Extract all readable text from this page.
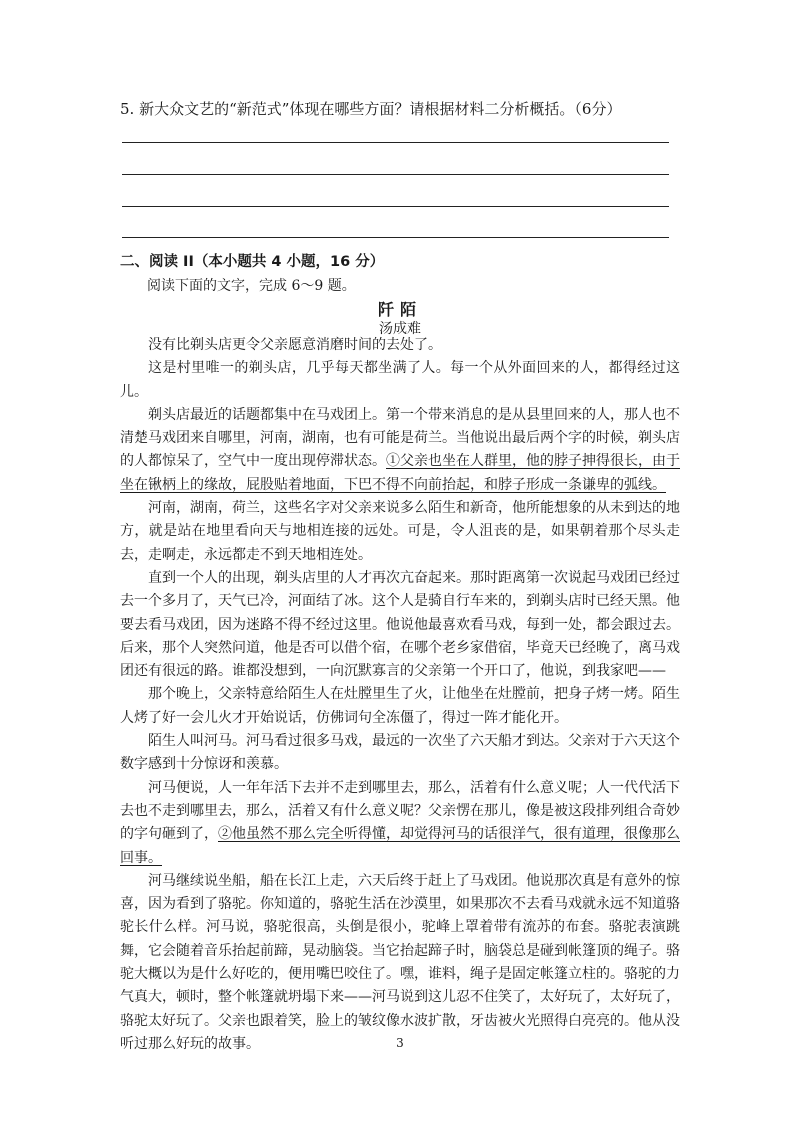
5. 新大众文艺的“新范式”体现在哪些方面？请根据材料二分析概括。（6分）
二、阅读 II（本小题共 4 小题，16 分）
阅读下面的文字，完成 6～9 题。
阡陌
汤成难

没有比剃头店更令父亲愿意消磨时间的去处了。

这是村里唯一的剃头店，几乎每天都坐满了人。每一个从外面回来的人，都得经过这儿。

剃头店最近的话题都集中在马戏团上。第一个带来消息的是从县里回来的人，那人也不清楚马戏团来自哪里，河南，湖南，也有可能是荷兰。当他说出最后两个字的时候，剃头店的人都惊呆了，空气中一度出现停滞状态。①父亲也坐在人群里，他的脖子抻得很长，由于坐在锹柄上的缘故，屁股贴着地面，下巴不得不向前抬起，和脖子形成一条谦卑的弧线。

河南，湖南，荷兰，这些名字对父亲来说多么陌生和新奇，他所能想象的从未到达的地方，就是站在地里看向天与地相连接的远处。可是，令人沮丧的是，如果朝着那个尽头走去，走啊走，永远都走不到天地相连处。

直到一个人的出现，剃头店里的人才再次亢奋起来。那时距离第一次说起马戏团已经过去一个多月了，天气已冷，河面结了冰。这个人是骑自行车来的，到剃头店时已经天黑。他要去看马戏团，因为迷路不得不经过这里。他说他最喜欢看马戏，每到一处，都会跟过去。后来，那个人突然问道，他是否可以借个宿，在哪个老乡家借宿，毕竟天已经晚了，离马戏团还有很远的路。谁都没想到，一向沉默寡言的父亲第一个开口了，他说，到我家吧——

那个晚上，父亲特意给陌生人在灶膛里生了火，让他坐在灶膛前，把身子烤一烤。陌生人烤了好一会儿火才开始说话，仿佛词句全冻僵了，得过一阵才能化开。

陌生人叫河马。河马看过很多马戏，最远的一次坐了六天船才到达。父亲对于六天这个数字感到十分惊讶和羡慕。

河马便说，人一年年活下去并不走到哪里去，那么，活着有什么意义呢；人一代代活下去也不走到哪里去，那么，活着又有什么意义呢？父亲愣在那儿，像是被这段排列组合奇妙的字句砸到了，②他虽然不那么完全听得懂，却觉得河马的话很洋气，很有道理，很像那么回事。

河马继续说坐船，船在长江上走，六天后终于赶上了马戏团。他说那次真是有意外的惊喜，因为看到了骆驼。你知道的，骆驼生活在沙漠里，如果那次不去看马戏就永远不知道骆驼长什么样。河马说，骆驼很高，头倒是很小，驼峰上罩着带有流苏的布套。骆驼表演跳舞，它会随着音乐抬起前蹄，晃动脑袋。当它抬起蹄子时，脑袋总是碰到帐篷顶的绳子。骆驼大概以为是什么好吃的，便用嘴巴咬住了。嘿，谁料，绳子是固定帐篷立柱的。骆驼的力气真大，顿时，整个帐篷就坍塌下来——河马说到这儿忍不住笑了，太好玩了，太好玩了，骆驼太好玩了。父亲也跟着笑，脸上的皱纹像水波扩散，牙齿被火光照得白亮亮的。他从没听过那么好玩的故事。	3
